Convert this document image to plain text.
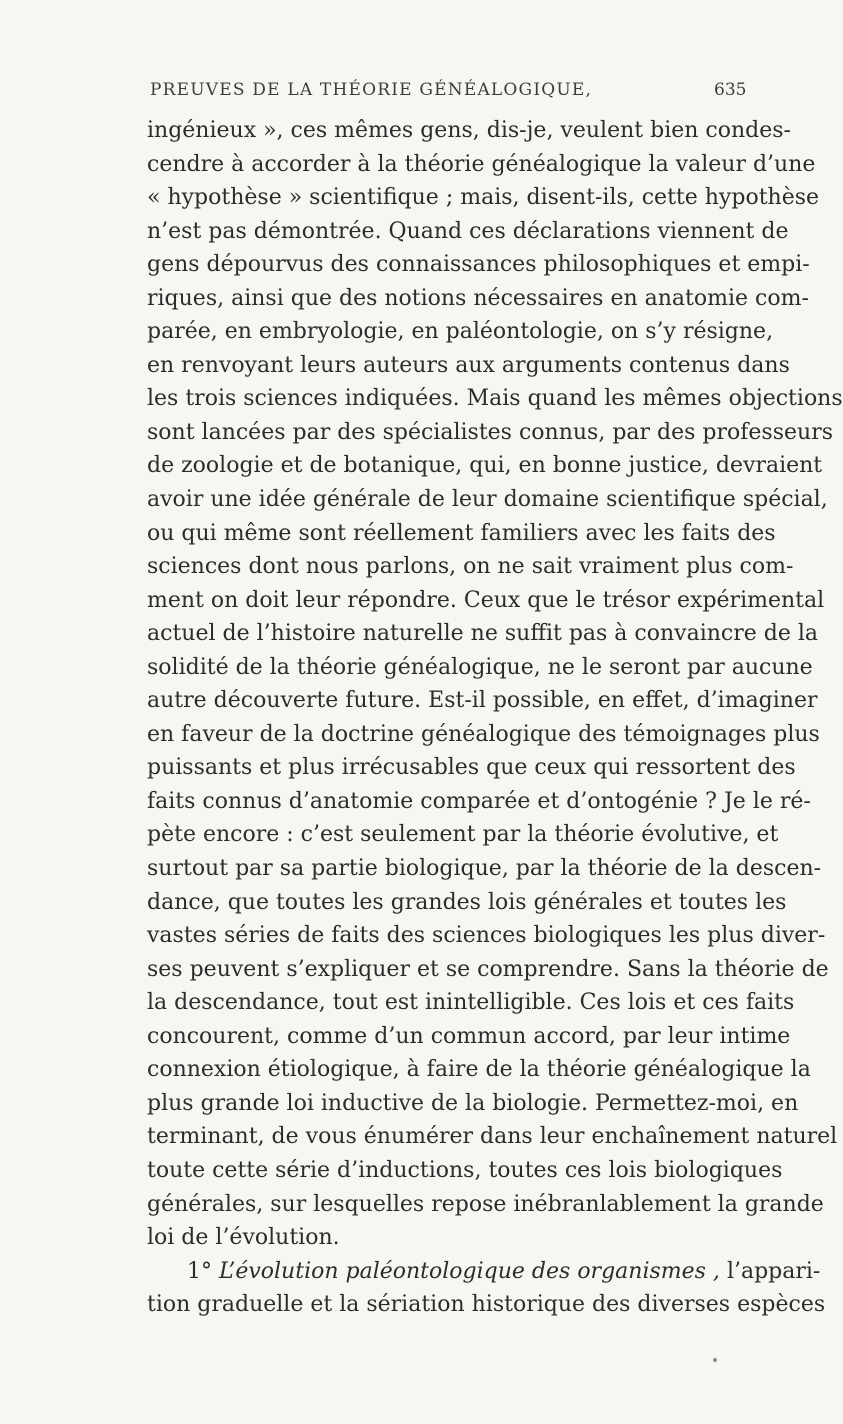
PREUVES DE LA THÉORIE GÉNÉALOGIQUE,	635
ingénieux », ces mêmes gens, dis-je, veulent bien condes-
cendre à accorder à la théorie généalogique la valeur d’une
« hypothèse » scientifique ; mais, disent-ils, cette hypothèse
n’est pas démontrée. Quand ces déclarations viennent de
gens dépourvus des connaissances philosophiques et empi-
riques, ainsi que des notions nécessaires en anatomie com-
parée, en embryologie, en paléontologie, on s’y résigne,
en renvoyant leurs auteurs aux arguments contenus dans
les trois sciences indiquées. Mais quand les mêmes objections
sont lancées par des spécialistes connus, par des professeurs
de zoologie et de botanique, qui, en bonne justice, devraient
avoir une idée générale de leur domaine scientifique spécial,
ou qui même sont réellement familiers avec les faits des
sciences dont nous parlons, on ne sait vraiment plus com-
ment on doit leur répondre. Ceux que le trésor expérimental
actuel de l’histoire naturelle ne suffit pas à convaincre de la
solidité de la théorie généalogique, ne le seront par aucune
autre découverte future. Est-il possible, en effet, d’imaginer
en faveur de la doctrine généalogique des témoignages plus
puissants et plus irrécusables que ceux qui ressortent des
faits connus d’anatomie comparée et d’ontogénie ? Je le ré-
pète encore : c’est seulement par la théorie évolutive, et
surtout par sa partie biologique, par la théorie de la descen-
dance, que toutes les grandes lois générales et toutes les
vastes séries de faits des sciences biologiques les plus diver-
ses peuvent s’expliquer et se comprendre. Sans la théorie de
la descendance, tout est inintelligible. Ces lois et ces faits
concourent, comme d’un commun accord, par leur intime
connexion étiologique, à faire de la théorie généalogique la
plus grande loi inductive de la biologie. Permettez-moi, en
terminant, de vous énumérer dans leur enchaînement naturel
toute cette série d’inductions, toutes ces lois biologiques
générales, sur lesquelles repose inébranlablement la grande
loi de l’évolution.
1° L’évolution paléontologique des organismes , l’appari-
tion graduelle et la sériation historique des diverses espèces
